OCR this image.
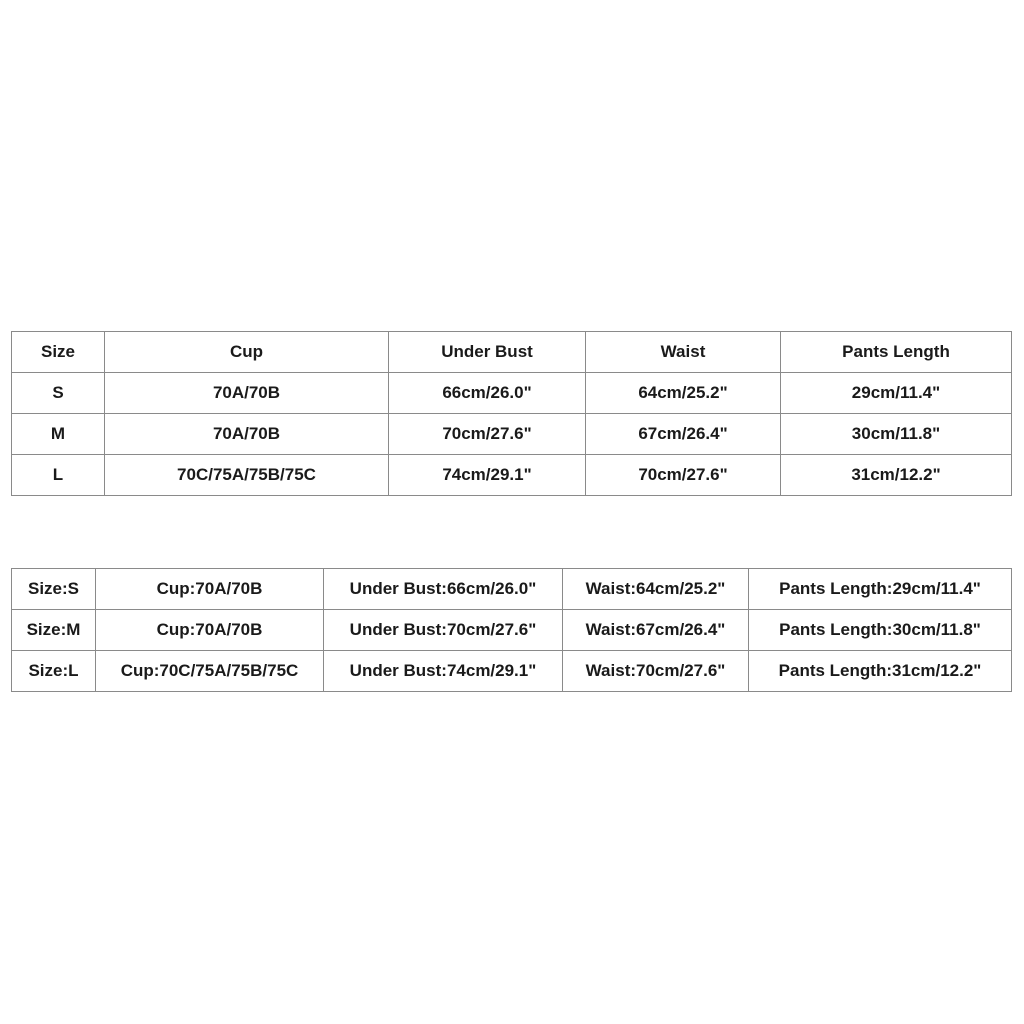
Size	Cup	Under Bust	Waist	Pants Length
S	70A/70B	66cm/26.0"	64cm/25.2"	29cm/11.4"
M	70A/70B	70cm/27.6"	67cm/26.4"	30cm/11.8"
L	70C/75A/75B/75C	74cm/29.1"	70cm/27.6"	31cm/12.2"
Size:S	Cup:70A/70B	Under Bust:66cm/26.0"	Waist:64cm/25.2"	Pants Length:29cm/11.4"
Size:M	Cup:70A/70B	Under Bust:70cm/27.6"	Waist:67cm/26.4"	Pants Length:30cm/11.8"
Size:L	Cup:70C/75A/75B/75C	Under Bust:74cm/29.1"	Waist:70cm/27.6"	Pants Length:31cm/12.2"
